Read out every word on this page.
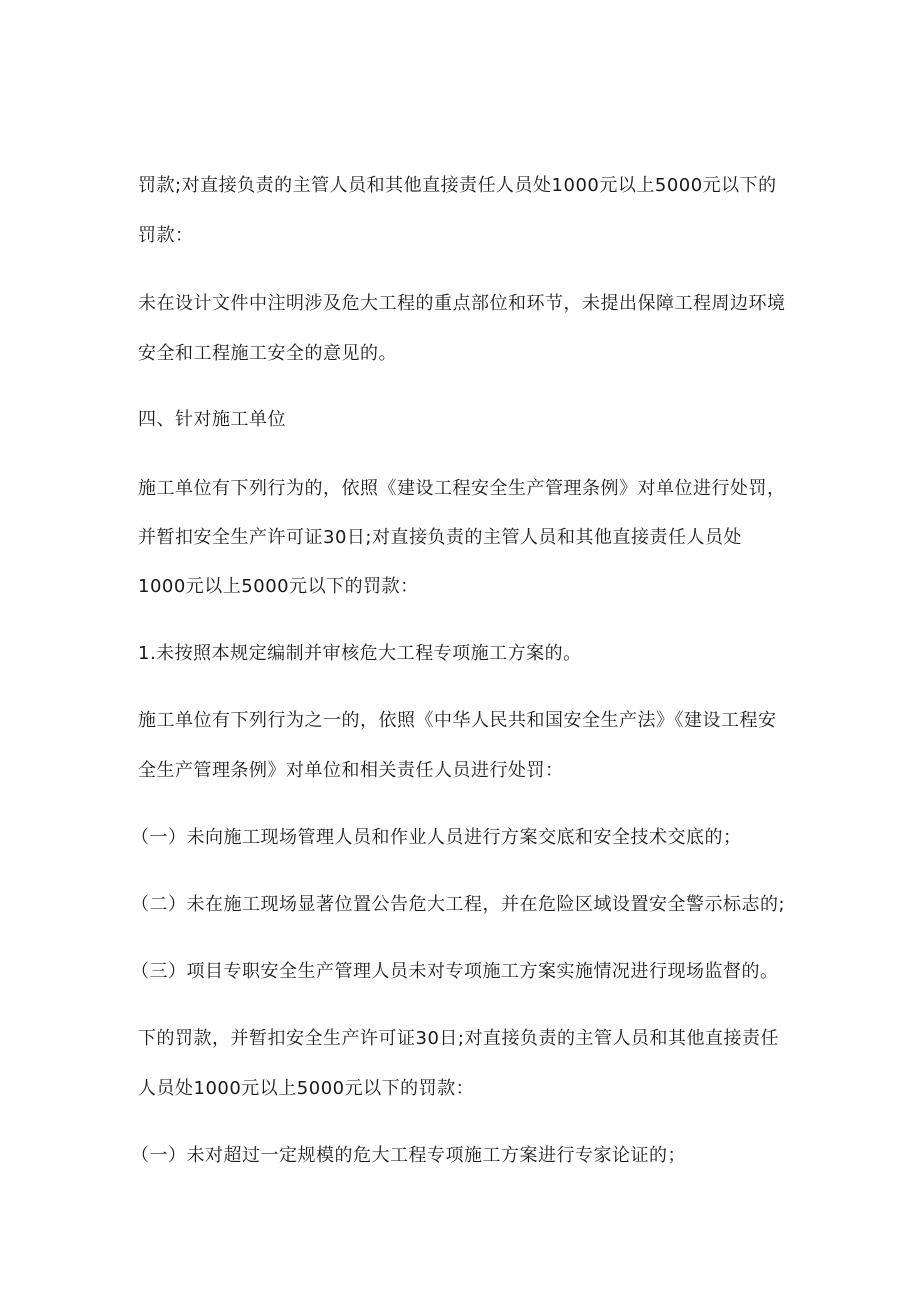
罚款;对直接负责的主管人员和其他直接责任人员处1000元以上5000元以下的
罚款：
未在设计文件中注明涉及危大工程的重点部位和环节，未提出保障工程周边环境
安全和工程施工安全的意见的。
四、针对施工单位
施工单位有下列行为的，依照《建设工程安全生产管理条例》对单位进行处罚，
并暂扣安全生产许可证30日;对直接负责的主管人员和其他直接责任人员处
1000元以上5000元以下的罚款：
1.未按照本规定编制并审核危大工程专项施工方案的。
施工单位有下列行为之一的，依照《中华人民共和国安全生产法》《建设工程安
全生产管理条例》对单位和相关责任人员进行处罚：
（一）未向施工现场管理人员和作业人员进行方案交底和安全技术交底的；
（二）未在施工现场显著位置公告危大工程，并在危险区域设置安全警示标志的;
（三）项目专职安全生产管理人员未对专项施工方案实施情况进行现场监督的。
下的罚款，并暂扣安全生产许可证30日;对直接负责的主管人员和其他直接责任
人员处1000元以上5000元以下的罚款：
（一）未对超过一定规模的危大工程专项施工方案进行专家论证的；
